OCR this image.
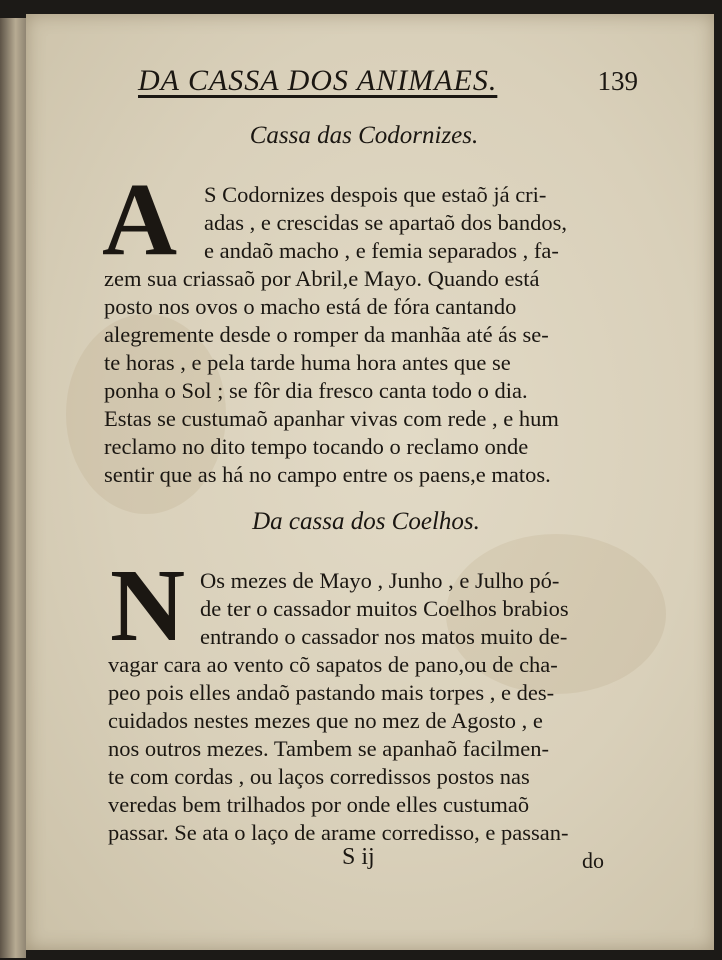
DA CASSA DOS ANIMAES.	139
Cassa das Codornizes.
A S Codornizes despois que estaõ já cri-
adas , e crescidas se apartaõ dos bandos,
e andaõ macho , e femia separados , fa-
zem sua criassaõ por Abril,e Mayo. Quando está
posto nos ovos o macho está de fóra cantando
alegremente desde o romper da manhãa até ás se-
te horas , e pela tarde huma hora antes que se
ponha o Sol ; se fôr dia fresco canta todo o dia.
Estas se custumaõ apanhar vivas com rede , e hum
reclamo no dito tempo tocando o reclamo onde
sentir que as há no campo entre os paens,e matos.
Da cassa dos Coelhos.
N Os mezes de Mayo , Junho , e Julho pó-
de ter o cassador muitos Coelhos brabios
entrando o cassador nos matos muito de-
vagar cara ao vento cõ sapatos de pano,ou de cha-
peo pois elles andaõ pastando mais torpes , e des-
cuidados nestes mezes que no mez de Agosto , e
nos outros mezes. Tambem se apanhaõ facilmen-
te com cordas , ou laços corredissos postos nas
veredas bem trilhados por onde elles custumaõ
passar. Se ata o laço de arame corredisso, e passan-
S ij	do
